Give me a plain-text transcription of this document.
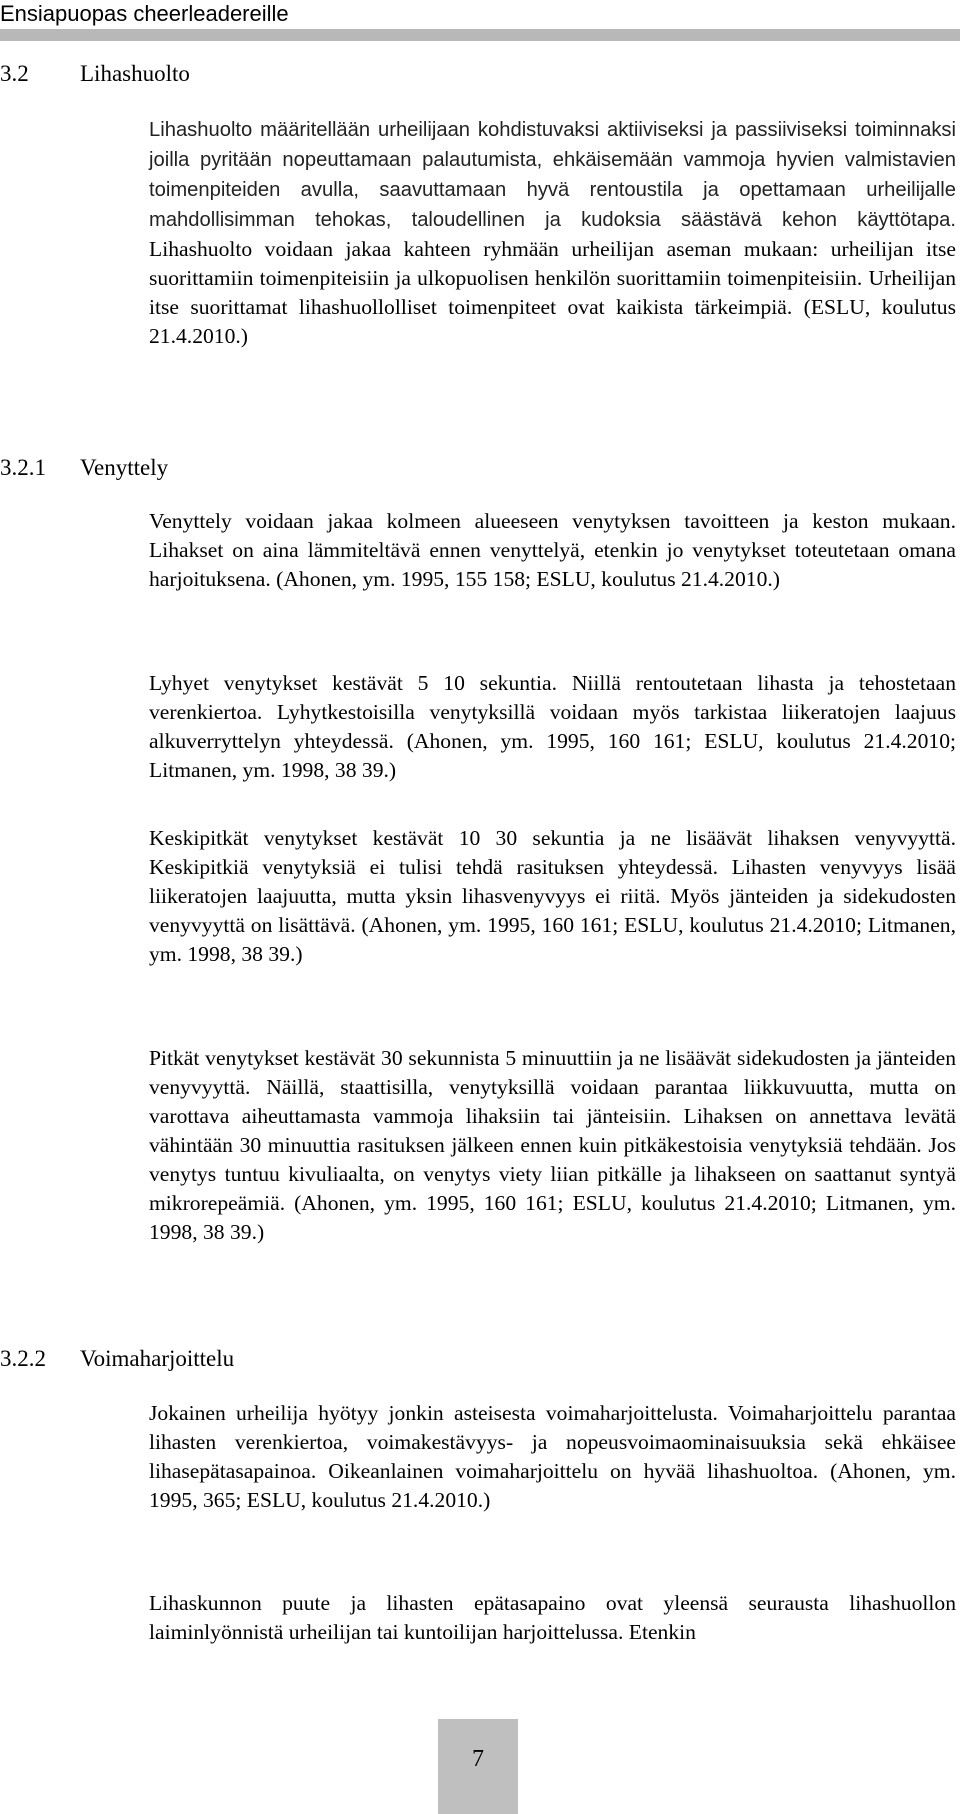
Ensiapuopas cheerleadereille
3.2 Lihashuolto

Lihashuolto määritellään urheilijaan kohdistuvaksi aktiiviseksi ja passiiviseksi toiminnaksi joilla pyritään nopeuttamaan palautumista, ehkäisemään vammoja hyvien valmistavien toimenpiteiden avulla, saavuttamaan hyvä rentoustila ja opettamaan urheilijalle mahdollisimman tehokas, taloudellinen ja kudoksia säästävä kehon käyttötapa. Lihashuolto voidaan jakaa kahteen ryhmään urheilijan aseman mukaan: urheilijan itse suorittamiin toimenpiteisiin ja ulkopuolisen henkilön suorittamiin toimenpiteisiin. Urheilijan itse suorittamat lihashuollolliset toimenpiteet ovat kaikista tärkeimpiä. (ESLU, koulutus 21.4.2010.)

3.2.1 Venyttely

Venyttely voidaan jakaa kolmeen alueeseen venytyksen tavoitteen ja keston mukaan. Lihakset on aina lämmiteltävä ennen venyttelyä, etenkin jo venytykset toteutetaan omana harjoituksena. (Ahonen, ym. 1995, 155 158; ESLU, koulutus 21.4.2010.)

Lyhyet venytykset kestävät 5 10 sekuntia. Niillä rentoutetaan lihasta ja tehostetaan verenkiertoa. Lyhytkestoisilla venytyksillä voidaan myös tarkistaa liikeratojen laajuus alkuverryttelyn yhteydessä. (Ahonen, ym. 1995, 160 161; ESLU, koulutus 21.4.2010; Litmanen, ym. 1998, 38 39.)

Keskipitkät venytykset kestävät 10 30 sekuntia ja ne lisäävät lihaksen venyvyyttä. Keskipitkiä venytyksiä ei tulisi tehdä rasituksen yhteydessä. Lihasten venyvyys lisää liikeratojen laajuutta, mutta yksin lihasvenyvyys ei riitä. Myös jänteiden ja sidekudosten venyvyyttä on lisättävä. (Ahonen, ym. 1995, 160 161; ESLU, koulutus 21.4.2010; Litmanen, ym. 1998, 38 39.)

Pitkät venytykset kestävät 30 sekunnista 5 minuuttiin ja ne lisäävät sidekudosten ja jänteiden venyvyyttä. Näillä, staattisilla, venytyksillä voidaan parantaa liikkuvuutta, mutta on varottava aiheuttamasta vammoja lihaksiin tai jänteisiin. Lihaksen on annettava levätä vähintään 30 minuuttia rasituksen jälkeen ennen kuin pitkäkestoisia venytyksiä tehdään. Jos venytys tuntuu kivuliaalta, on venytys viety liian pitkälle ja lihakseen on saattanut syntyä mikrorepeämiä. (Ahonen, ym. 1995, 160 161; ESLU, koulutus 21.4.2010; Litmanen, ym. 1998, 38 39.)

3.2.2 Voimaharjoittelu

Jokainen urheilija hyötyy jonkin asteisesta voimaharjoittelusta. Voimaharjoittelu parantaa lihasten verenkiertoa, voimakestävyys- ja nopeusvoimaominaisuuksia sekä ehkäisee lihasepätasapainoa. Oikeanlainen voimaharjoittelu on hyvää lihashuoltoa. (Ahonen, ym. 1995, 365; ESLU, koulutus 21.4.2010.)

Lihaskunnon puute ja lihasten epätasapaino ovat yleensä seurausta lihashuollon laiminlyönnistä urheilijan tai kuntoilijan harjoittelussa. Etenkin

7
